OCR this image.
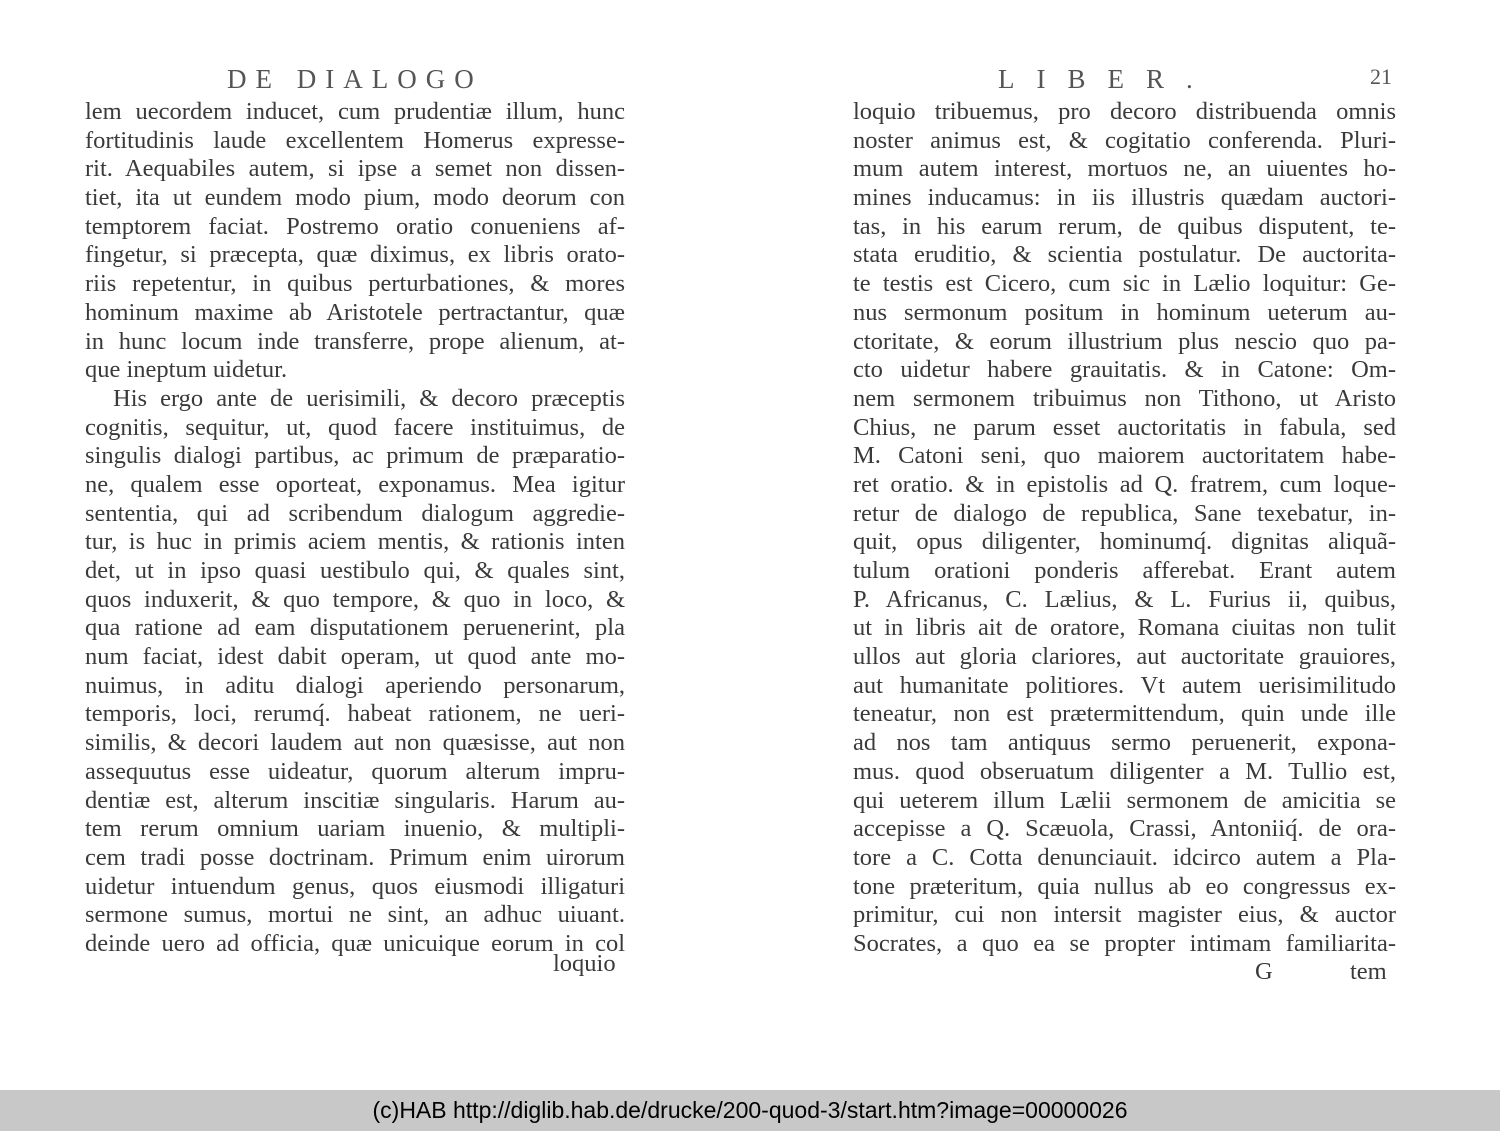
DE DIALOGO
lem uecordem inducet, cum prudentiæ illum, hunc
fortitudinis laude excellentem Homerus expresse-
rit. Aequabiles autem, si ipse a semet non dissen-
tiet, ita ut eundem modo pium, modo deorum con
temptorem faciat. Postremo oratio conueniens af-
fingetur, si præcepta, quæ diximus, ex libris orato-
riis repetentur, in quibus perturbationes, & mores
hominum maxime ab Aristotele pertractantur, quæ
in hunc locum inde transferre, prope alienum, at-
que ineptum uidetur.
His ergo ante de uerisimili, & decoro præceptis
cognitis, sequitur, ut, quod facere instituimus, de
singulis dialogi partibus, ac primum de præparatio-
ne, qualem esse oporteat, exponamus. Mea igitur
sententia, qui ad scribendum dialogum aggredie-
tur, is huc in primis aciem mentis, & rationis inten
det, ut in ipso quasi uestibulo qui, & quales sint,
quos induxerit, & quo tempore, & quo in loco, &
qua ratione ad eam disputationem peruenerint, pla
num faciat, idest dabit operam, ut quod ante mo-
nuimus, in aditu dialogi aperiendo personarum,
temporis, loci, rerumq́. habeat rationem, ne ueri-
similis, & decori laudem aut non quæsisse, aut non
assequutus esse uideatur, quorum alterum impru-
dentiæ est, alterum inscitiæ singularis. Harum au-
tem rerum omnium uariam inuenio, & multipli-
cem tradi posse doctrinam. Primum enim uirorum
uidetur intuendum genus, quos eiusmodi illigaturi
sermone sumus, mortui ne sint, an adhuc uiuant.
deinde uero ad officia, quæ unicuique eorum in col
loquio
LIBER.	21
loquio tribuemus, pro decoro distribuenda omnis
noster animus est, & cogitatio conferenda. Pluri-
mum autem interest, mortuos ne, an uiuentes ho-
mines inducamus: in iis illustris quædam auctori-
tas, in his earum rerum, de quibus disputent, te-
stata eruditio, & scientia postulatur. De auctorita-
te testis est Cicero, cum sic in Lælio loquitur: Ge-
nus sermonum positum in hominum ueterum au-
ctoritate, & eorum illustrium plus nescio quo pa-
cto uidetur habere grauitatis. & in Catone: Om-
nem sermonem tribuimus non Tithono, ut Aristo
Chius, ne parum esset auctoritatis in fabula, sed
M. Catoni seni, quo maiorem auctoritatem habe-
ret oratio. & in epistolis ad Q. fratrem, cum loque-
retur de dialogo de republica, Sane texebatur, in-
quit, opus diligenter, hominumq́. dignitas aliquã-
tulum orationi ponderis afferebat. Erant autem
P. Africanus, C. Lælius, & L. Furius ii, quibus,
ut in libris ait de oratore, Romana ciuitas non tulit
ullos aut gloria clariores, aut auctoritate grauiores,
aut humanitate politiores. Vt autem uerisimilitudo
teneatur, non est prætermittendum, quin unde ille
ad nos tam antiquus sermo peruenerit, expona-
mus. quod obseruatum diligenter a M. Tullio est,
qui ueterem illum Lælii sermonem de amicitia se
accepisse a Q. Scæuola, Crassi, Antoniiq́. de ora-
tore a C. Cotta denunciauit. idcirco autem a Pla-
tone præteritum, quia nullus ab eo congressus ex-
primitur, cui non intersit magister eius, & auctor
Socrates, a quo ea se propter intimam familiarita-
G	tem
(c)HAB http://diglib.hab.de/drucke/200-quod-3/start.htm?image=00000026
